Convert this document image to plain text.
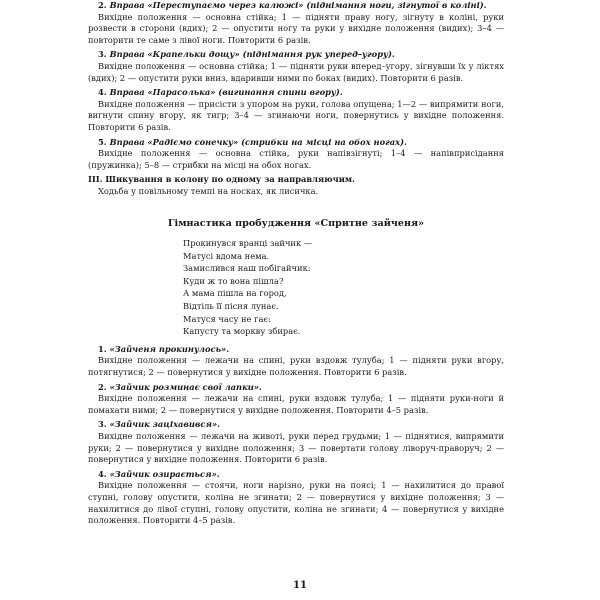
2. Вправа «Переступаємо через калюжі» (піднімання ноги, зігнутої в коліні).
Вихідне положення — основна стійка; 1 — підняти праву ногу, зігнуту в коліні, руки розвести в сторони (вдих); 2 — опустити ногу та руки у вихідне положення (видих); 3–4 — повторити те саме з лівої ноги. Повторити 6 разів.
3. Вправа «Крапельки дощу» (піднімання рук уперед–угору).
Вихідне положення — основна стійка; 1 — підняти руки вперед–угору, зігнувши їх у ліктях (вдих); 2 — опустити руки вниз, вдаривши ними по боках (видих). Повторити 6 разів.
4. Вправа «Парасолька» (вигинання спини вгору).
Вихідне положення — присісти з упором на руки, голова опущена; 1—2 — випрямити ноги, вигнути спину вгору, як тигр; 3–4 — згинаючи ноги, повернутись у вихідне положення. Повторити 6 разів.
5. Вправа «Радіємо сонечку» (стрибки на місці на обох ногах).
Вихідне положення — основна стійка, руки напівзігнуті; 1–4 — напівприсідання (пружинка); 5–8 — стрибки на місці на обох ногах.
III. Шикування в колону по одному за направляючим.
Ходьба у повільному темпі на носках, як лисичка.
Гімнастика пробудження «Спритне зайченя»
Прокинувся вранці зайчик —
Матусі вдома нема.
Замислився наш побігайчик:
Куди ж то вона пішла?
А мама пішла на город,
Відтіль її пісня лунає.
Матуся часу не гає:
Капусту та моркву збирає.
1. «Зайченя прокинулось».
Вихідне положення — лежачи на спині, руки вздовж тулуба; 1 — підняти руки вгору, потягнутися; 2 — повернутися у вихідне положення. Повторити 6 разів.
2. «Зайчик розминає свої лапки».
Вихідне положення — лежачи на спині, руки вздовж тулуба; 1 — підняти руки-ноги й помахати ними; 2 — повернутися у вихідне положення. Повторити 4–5 разів.
3. «Зайчик заціхавився».
Вихідне положення — лежачи на животі, руки перед грудьми; 1 — піднятися, випрямити руки; 2 — повернутися у вихідне положення; 3 — повертати голову ліворуч-праворуч; 2 — повернутися у вихідне положення. Повторити 6 разів.
4. «Зайчик озирається».
Вихідне положення — стоячи, ноги нарізно, руки на поясі; 1 — нахилитися до правої ступні, голову опустити, коліна не згинати; 2 — повернутися у вихідне положення; 3 — нахилитися до лівої ступні, голову опустити, коліна не згинати; 4 — повернутися у вихідне положення. Повторити 4–5 разів.
11
